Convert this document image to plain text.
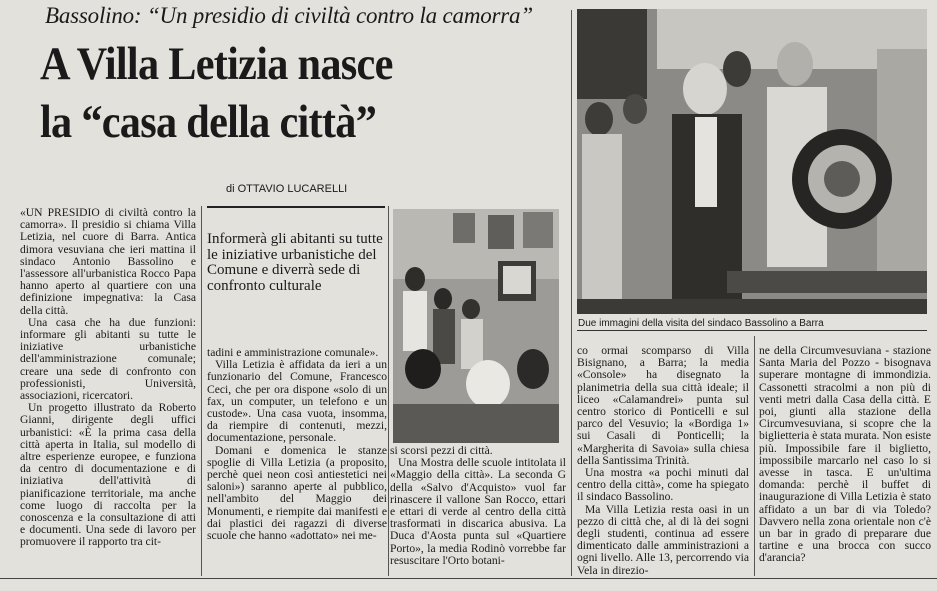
Bassolino: “Un presidio di civiltà contro la camorra”
A Villa Letizia nasce
la “casa della città”
di OTTAVIO LUCARELLI

«UN PRESIDIO di civiltà contro la camorra». Il presidio si chiama Villa Letizia, nel cuore di Barra. Antica dimora vesuviana che ieri mattina il sindaco Antonio Bassolino e l'assessore all'urbanistica Rocco Papa hanno aperto al quartiere con una definizione impegnativa: la Casa della città.

Una casa che ha due funzioni: informare gli abitanti su tutte le iniziative urbanistiche dell'amministrazione comunale; creare una sede di confronto con professionisti, Università, associazioni, ricercatori.

Un progetto illustrato da Roberto Gianni, dirigente degli uffici urbanistici: «È la prima casa della città aperta in Italia, sul modello di altre esperienze europee, e funziona da centro di documentazione e di iniziativa dell'attività di pianificazione territoriale, ma anche come luogo di raccolta per la conoscenza e la consultazione di atti e documenti. Una sede di lavoro per promuovere il rapporto tra cit-

Informerà gli abitanti su tutte le iniziative urbanistiche del Comune e diverrà sede di confronto culturale

tadini e amministrazione comunale».

Villa Letizia è affidata da ieri a un funzionario del Comune, Francesco Ceci, che per ora dispone «solo di un fax, un computer, un telefono e un custode». Una casa vuota, insomma, da riempire di contenuti, mezzi, documentazione, personale.

Domani e domenica le stanze spoglie di Villa Letizia (a proposito, perchè quei neon così antiestetici nei saloni») saranno aperte al pubblico, nell'ambito del Maggio dei Monumenti, e riempite dai manifesti e dai plastici dei ragazzi di diverse scuole che hanno «adottato» nei me-

si scorsi pezzi di città.

Una Mostra delle scuole intitolata il «Maggio della città». La seconda G della «Salvo d'Acquisto» vuol far rinascere il vallone San Rocco, ettari e ettari di verde al centro della città trasformati in discarica abusiva. La Duca d'Aosta punta sul «Quartiere Porto», la media Rodinò vorrebbe far resuscitare l'Orto botani-

Due immagini della visita del sindaco Bassolino a Barra

co ormai scomparso di Villa Bisignano, a Barra; la media «Console» ha disegnato la planimetria della sua città ideale; il liceo «Calamandrei» punta sul centro storico di Ponticelli e sul parco del Vesuvio; la «Bordiga 1» sui Casali di Ponticelli; la «Margherita di Savoia» sulla chiesa della Santissima Trinità.

Una mostra «a pochi minuti dal centro della città», come ha spiegato il sindaco Bassolino.

Ma Villa Letizia resta oasi in un pezzo di città che, al di là dei sogni degli studenti, continua ad essere dimenticato dalle amministrazioni a ogni livello. Alle 13, percorrendo via Vela in direzio-

ne della Circumvesuviana - stazione Santa Maria del Pozzo - bisognava superare montagne di immondizia. Cassonetti stracolmi a non più di venti metri dalla Casa della città. E poi, giunti alla stazione della Circumvesuviana, si scopre che la biglietteria è stata murata. Non esiste più. Impossibile fare il biglietto, impossibile marcarlo nel caso lo si avesse in tasca. E un'ultima domanda: perchè il buffet di inaugurazione di Villa Letizia è stato affidato a un bar di via Toledo? Davvero nella zona orientale non c'è un bar in grado di preparare due tartine e una brocca con succo d'arancia?
